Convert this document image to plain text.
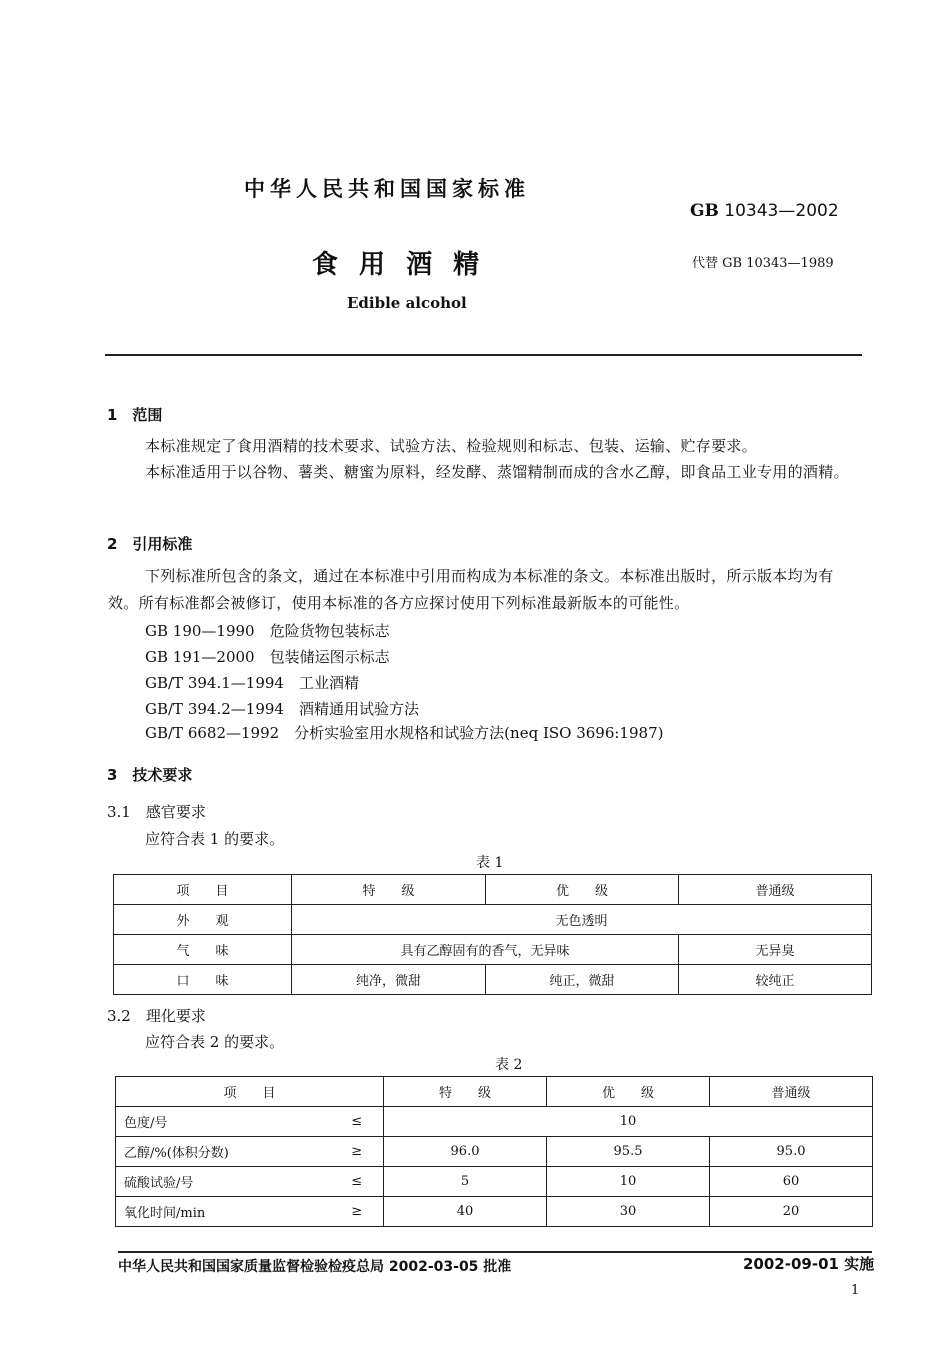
中华人民共和国国家标准
GB 10343—2002
食 用 酒 精	代替 GB 10343—1989
Edible alcohol
1　范围
本标准规定了食用酒精的技术要求、试验方法、检验规则和标志、包装、运输、贮存要求。
本标准适用于以谷物、薯类、糖蜜为原料，经发酵、蒸馏精制而成的含水乙醇，即食品工业专用的酒精。
2　引用标准
下列标准所包含的条文，通过在本标准中引用而构成为本标准的条文。本标准出版时，所示版本均为有效。所有标准都会被修订，使用本标准的各方应探讨使用下列标准最新版本的可能性。
GB 190—1990　危险货物包装标志
GB 191—2000　包装储运图示标志
GB/T 394.1—1994　工业酒精
GB/T 394.2—1994　酒精通用试验方法
GB/T 6682—1992　分析实验室用水规格和试验方法(neq ISO 3696:1987)
3　技术要求
3.1　感官要求
应符合表 1 的要求。
表 1
项　　目	特　　级	优　　级	普通级
外　　观	无色透明		
气　　味	具有乙醇固有的香气，无异味		无异臭
口　　味	纯净，微甜	纯正，微甜	较纯正
3.2　理化要求
应符合表 2 的要求。
表 2
项　　目		特　　级	优　　级	普通级
色度/号	≤	10		
乙醇/%(体积分数)	≥	96.0	95.5	95.0
硫酸试验/号	≤	5	10	60
氧化时间/min	≥	40	30	20
中华人民共和国国家质量监督检验检疫总局 2002-03-05 批准	2002-09-01 实施
1
